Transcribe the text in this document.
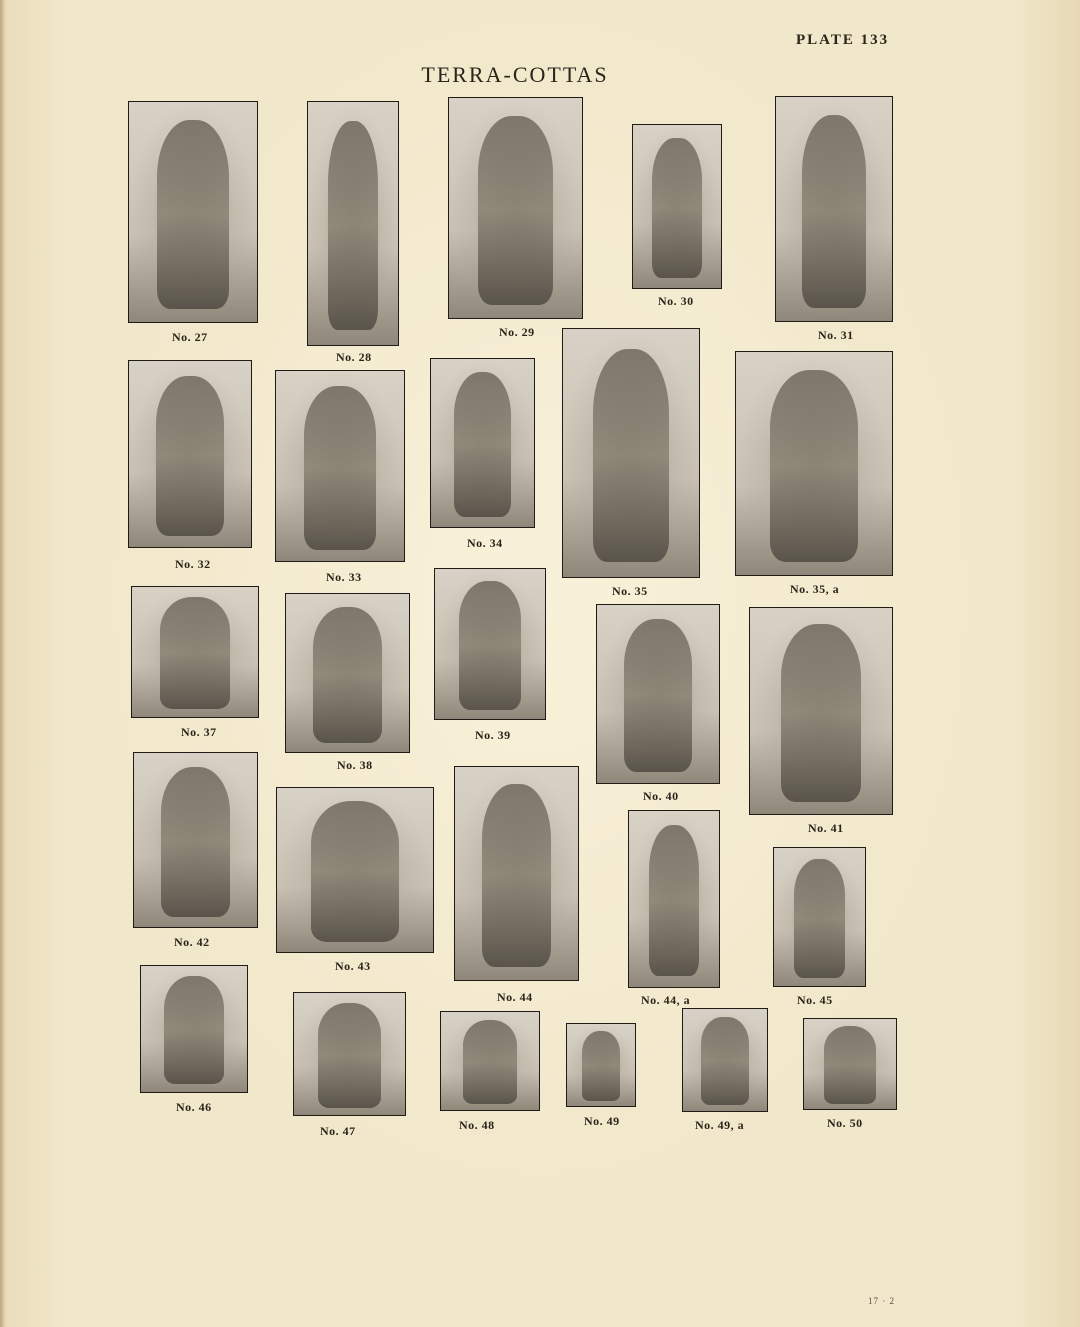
PLATE 133
TERRA-COTTAS
No. 27
No. 28
No. 29
No. 30
No. 31
No. 32
No. 33
No. 34
No. 35	No. 35, a
No. 37
No. 38
No. 39
No. 40
No. 41
No. 42
No. 43
No. 44	No. 44, a	No. 45
No. 46
No. 47	No. 48	No. 49	No. 49, a	No. 50
17 · 2
